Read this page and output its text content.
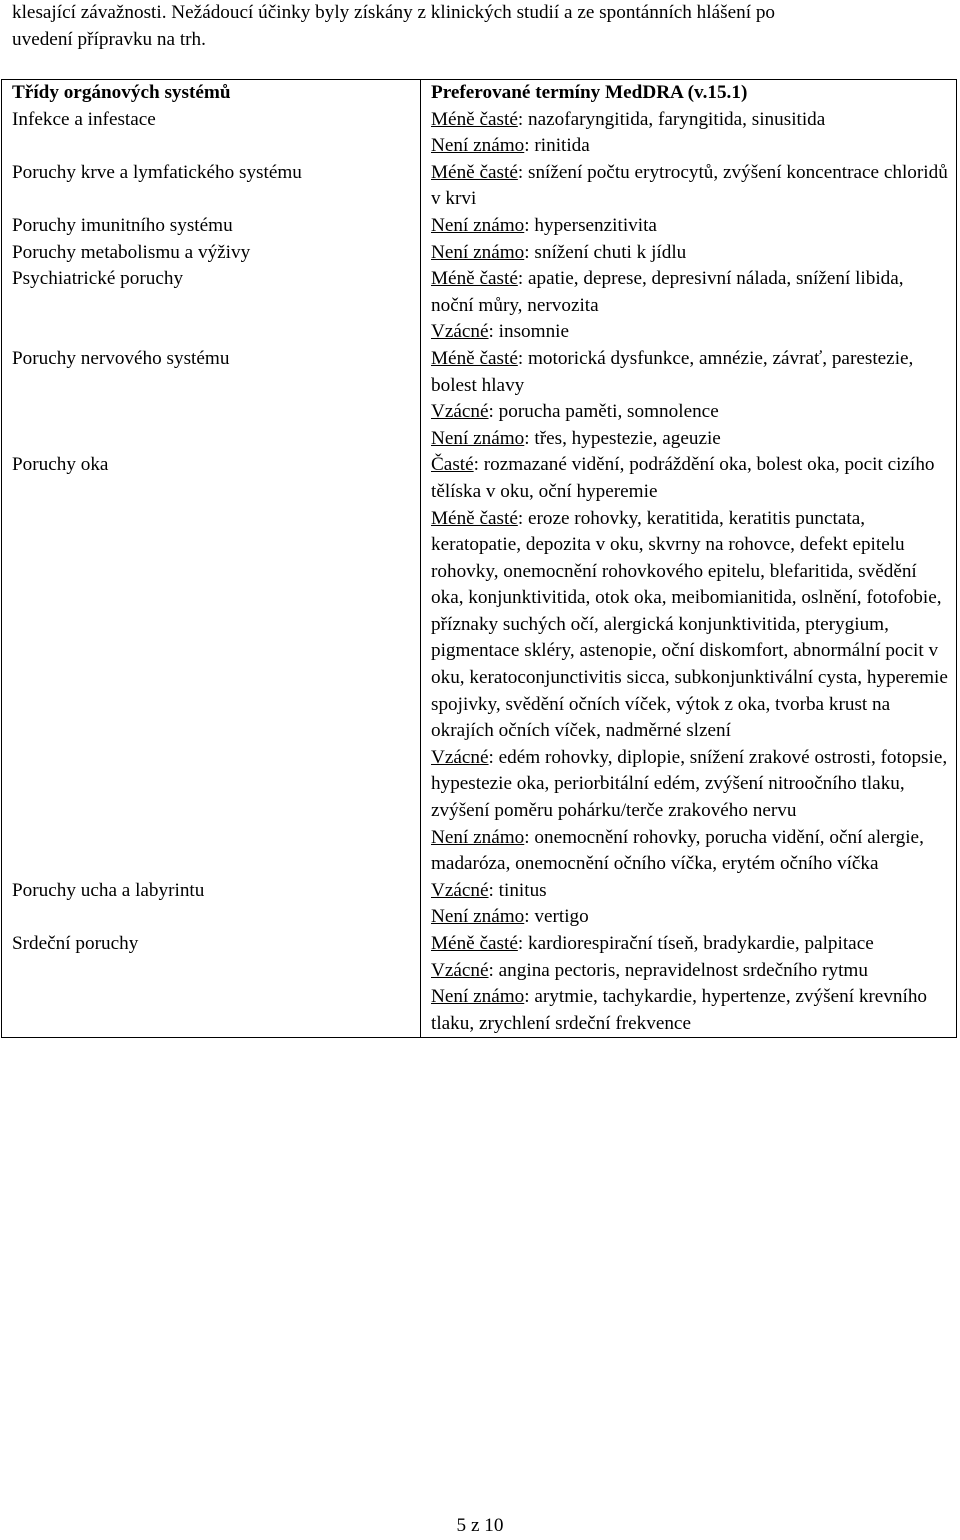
klesající závažnosti. Nežádoucí účinky byly získány z klinických studií a ze spontánních hlášení po
uvedení přípravku na trh.
Třídy orgánových systémů	Preferované termíny MedDRA (v.15.1)
Infekce a infestace	Méně časté: nazofaryngitida, faryngitida, sinusitida
Není známo: rinitida
Poruchy krve a lymfatického systému	Méně časté: snížení počtu erytrocytů, zvýšení koncentrace chloridů v krvi
Poruchy imunitního systému	Není známo: hypersenzitivita
Poruchy metabolismu a výživy	Není známo: snížení chuti k jídlu
Psychiatrické poruchy	Méně časté: apatie, deprese, depresivní nálada, snížení libida, noční můry, nervozita
Vzácné: insomnie
Poruchy nervového systému	Méně časté: motorická dysfunkce, amnézie, závrať, parestezie, bolest hlavy
Vzácné: porucha paměti, somnolence
Není známo: třes, hypestezie, ageuzie
Poruchy oka	Časté: rozmazané vidění, podráždění oka, bolest oka, pocit cizího tělíska v oku, oční hyperemie
Méně časté: eroze rohovky, keratitida, keratitis punctata, keratopatie, depozita v oku, skvrny na rohovce, defekt epitelu rohovky, onemocnění rohovkového epitelu, blefaritida, svědění oka, konjunktivitida, otok oka, meibomianitida, oslnění, fotofobie, příznaky suchých očí, alergická konjunktivitida, pterygium, pigmentace skléry, astenopie, oční diskomfort, abnormální pocit v oku, keratoconjunctivitis sicca, subkonjunktivální cysta, hyperemie spojivky, svědění očních víček, výtok z oka, tvorba krust na okrajích očních víček, nadměrné slzení
Vzácné: edém rohovky, diplopie, snížení zrakové ostrosti, fotopsie, hypestezie oka, periorbitální edém, zvýšení nitroočního tlaku, zvýšení poměru pohárku/terče zrakového nervu
Není známo: onemocnění rohovky, porucha vidění, oční alergie, madaróza, onemocnění očního víčka, erytém očního víčka
Poruchy ucha a labyrintu	Vzácné: tinitus
Není známo: vertigo
Srdeční poruchy	Méně časté: kardiorespirační tíseň, bradykardie, palpitace
Vzácné: angina pectoris, nepravidelnost srdečního rytmu
Není známo: arytmie, tachykardie, hypertenze, zvýšení krevního tlaku, zrychlení srdeční frekvence
5 z 10
